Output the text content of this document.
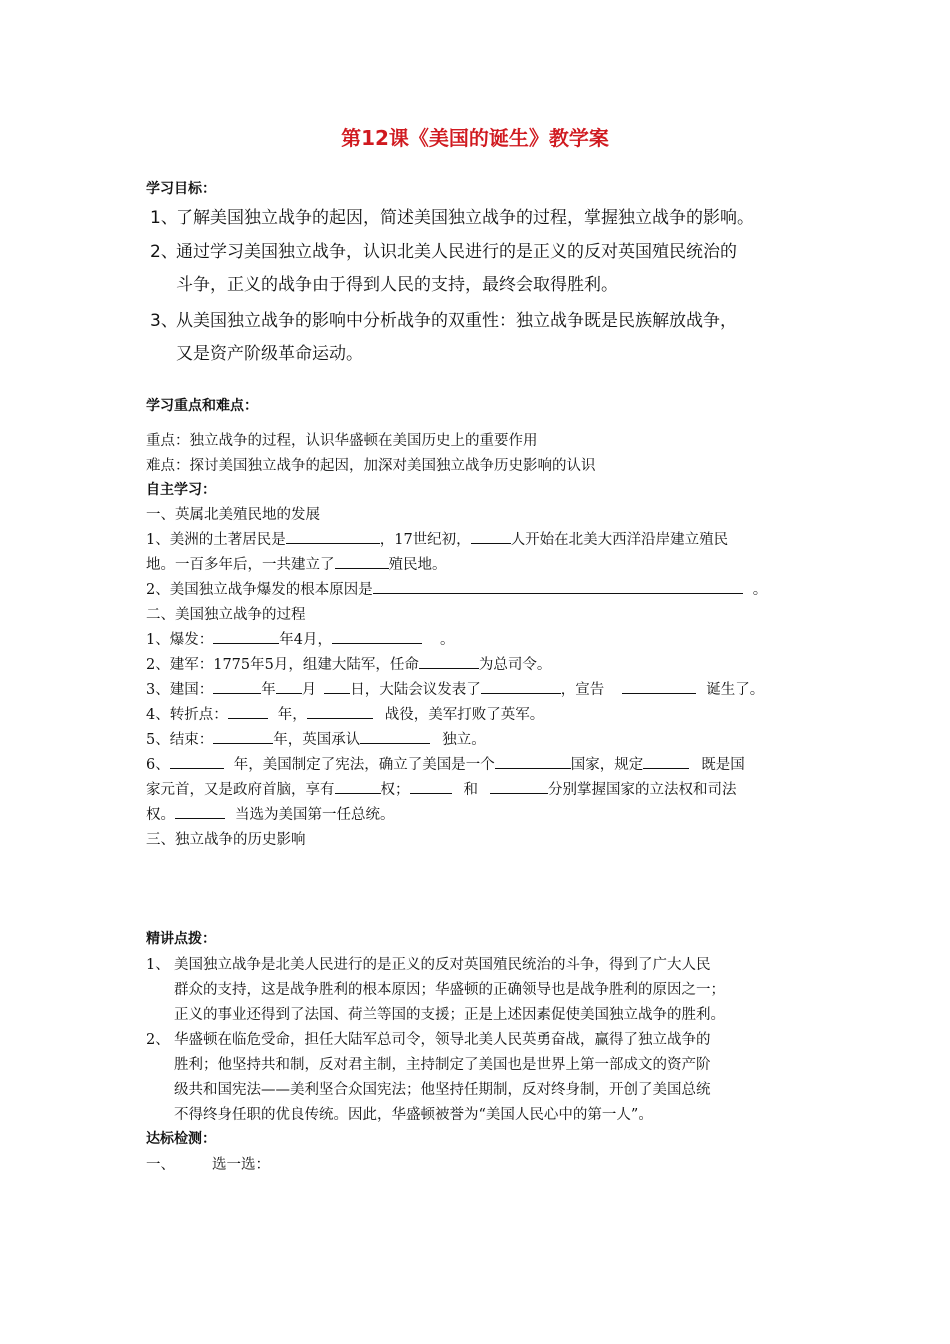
第12课《美国的诞生》教学案
学习目标：
1、了解美国独立战争的起因，简述美国独立战争的过程，掌握独立战争的影响。
2、通过学习美国独立战争，认识北美人民进行的是正义的反对英国殖民统治的
斗争，正义的战争由于得到人民的支持，最终会取得胜利。
3、从美国独立战争的影响中分析战争的双重性：独立战争既是民族解放战争，
又是资产阶级革命运动。
学习重点和难点：
重点：独立战争的过程，认识华盛顿在美国历史上的重要作用
难点：探讨美国独立战争的起因，加深对美国独立战争历史影响的认识
自主学习：
一、英属北美殖民地的发展
1、美洲的土著居民是	，17世纪初，	人开始在北美大西洋沿岸建立殖民
地。一百多年后，一共建立了	殖民地。
2、美国独立战争爆发的根本原因是	。
二、美国独立战争的过程
1、爆发：	年4月，	。
2、建军：1775年5月，组建大陆军，任命	为总司令。
3、建国：	年 月 日，大陆会议发表了	，宣告	诞生了。
4、转折点：	年，	战役，美军打败了英军。
5、结束：	年，英国承认	独立。
6、	年，美国制定了宪法，确立了美国是一个	国家，规定	既是国
家元首，又是政府首脑，享有	权；	和	分别掌握国家的立法权和司法
权。	当选为美国第一任总统。
三、独立战争的历史影响
精讲点拨：
1、 美国独立战争是北美人民进行的是正义的反对英国殖民统治的斗争，得到了广大人民
群众的支持，这是战争胜利的根本原因；华盛顿的正确领导也是战争胜利的原因之一；
正义的事业还得到了法国、荷兰等国的支援；正是上述因素促使美国独立战争的胜利。
2、 华盛顿在临危受命，担任大陆军总司令，领导北美人民英勇奋战，赢得了独立战争的
胜利；他坚持共和制，反对君主制，主持制定了美国也是世界上第一部成文的资产阶
级共和国宪法——美利坚合众国宪法；他坚持任期制，反对终身制，开创了美国总统
不得终身任职的优良传统。因此，华盛顿被誉为“美国人民心中的第一人”。
达标检测：
一、	选一选：
